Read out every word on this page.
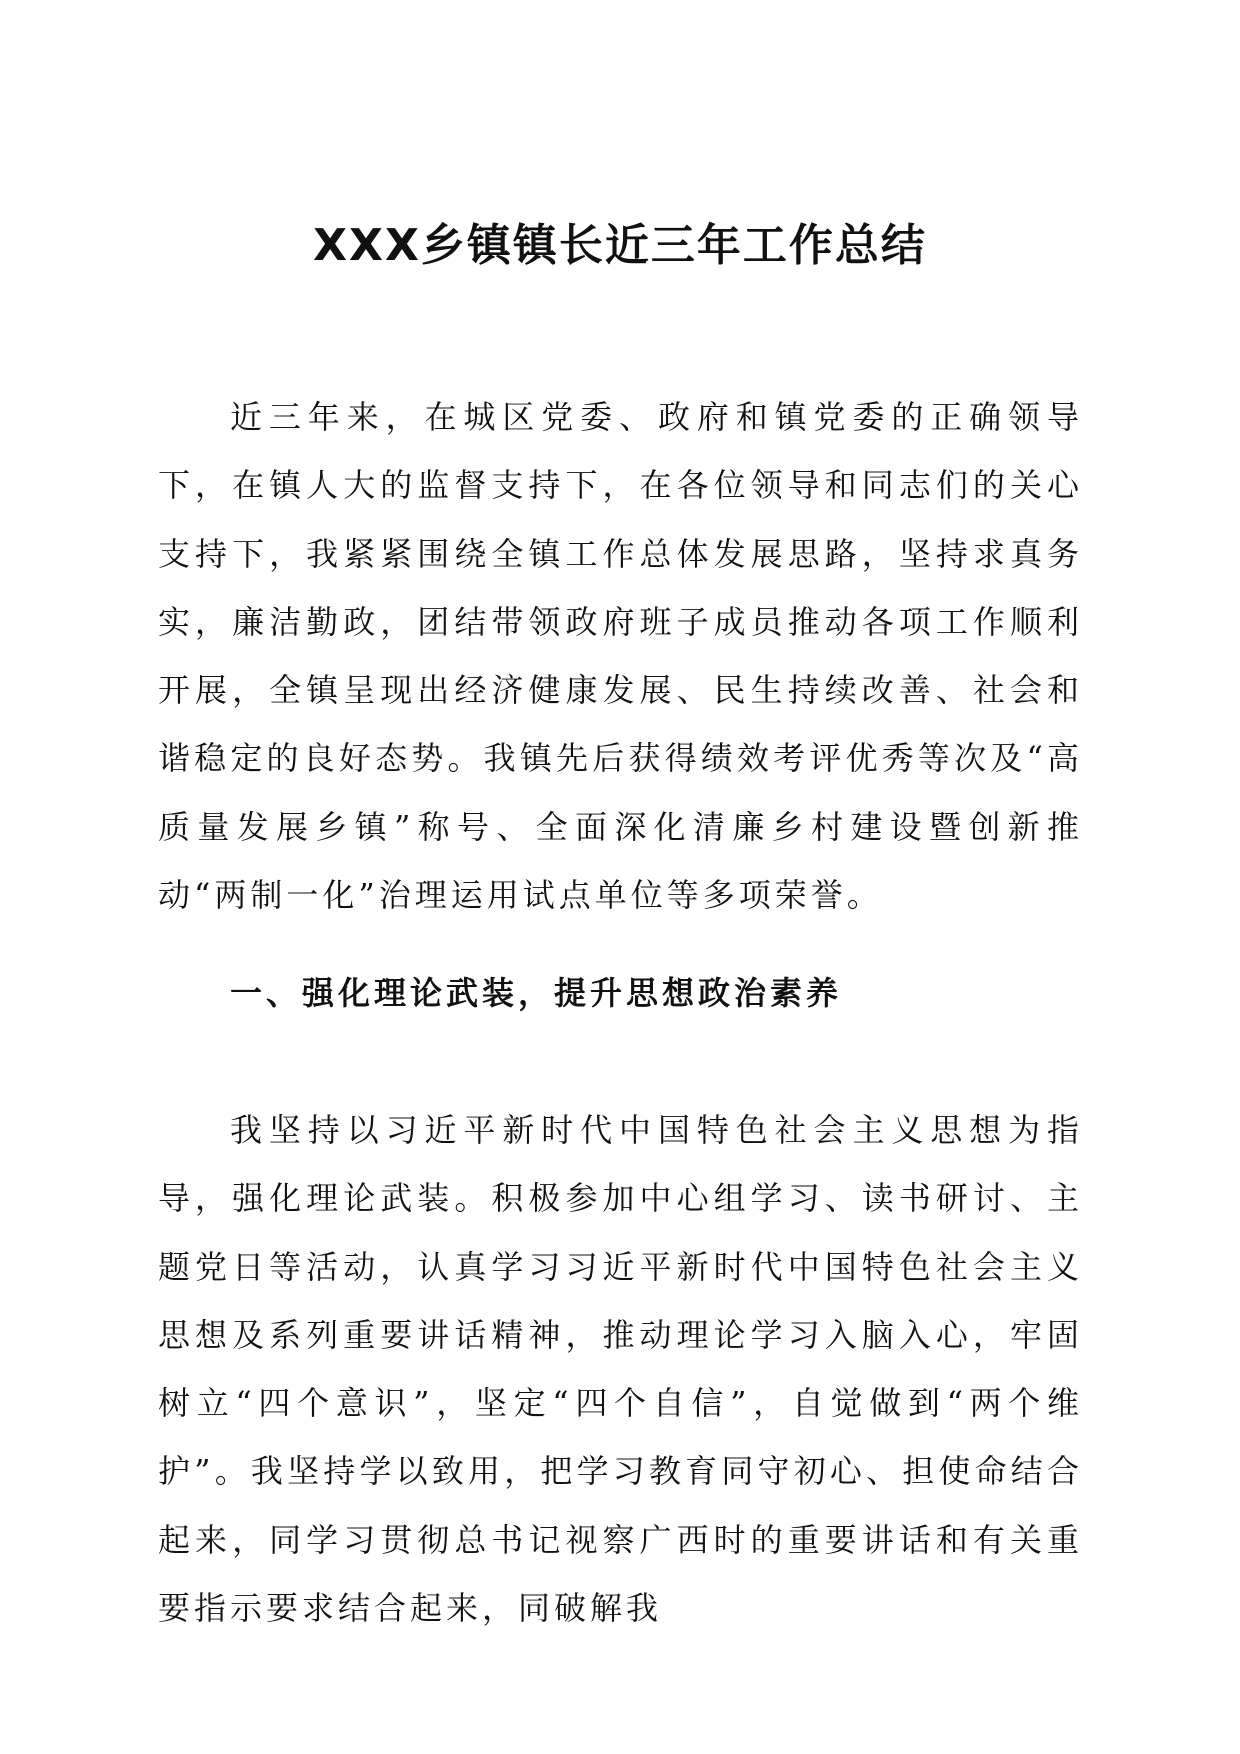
XXX乡镇镇长近三年工作总结

近三年来，在城区党委、政府和镇党委的正确领导下，在镇人大的监督支持下，在各位领导和同志们的关心支持下，我紧紧围绕全镇工作总体发展思路，坚持求真务实，廉洁勤政，团结带领政府班子成员推动各项工作顺利开展，全镇呈现出经济健康发展、民生持续改善、社会和谐稳定的良好态势。我镇先后获得绩效考评优秀等次及“高质量发展乡镇”称号、全面深化清廉乡村建设暨创新推动“两制一化”治理运用试点单位等多项荣誉。

一、强化理论武装，提升思想政治素养

我坚持以习近平新时代中国特色社会主义思想为指导，强化理论武装。积极参加中心组学习、读书研讨、主题党日等活动，认真学习习近平新时代中国特色社会主义思想及系列重要讲话精神，推动理论学习入脑入心，牢固树立“四个意识”，坚定“四个自信”，自觉做到“两个维护”。我坚持学以致用，把学习教育同守初心、担使命结合起来，同学习贯彻总书记视察广西时的重要讲话和有关重要指示要求结合起来，同破解我
